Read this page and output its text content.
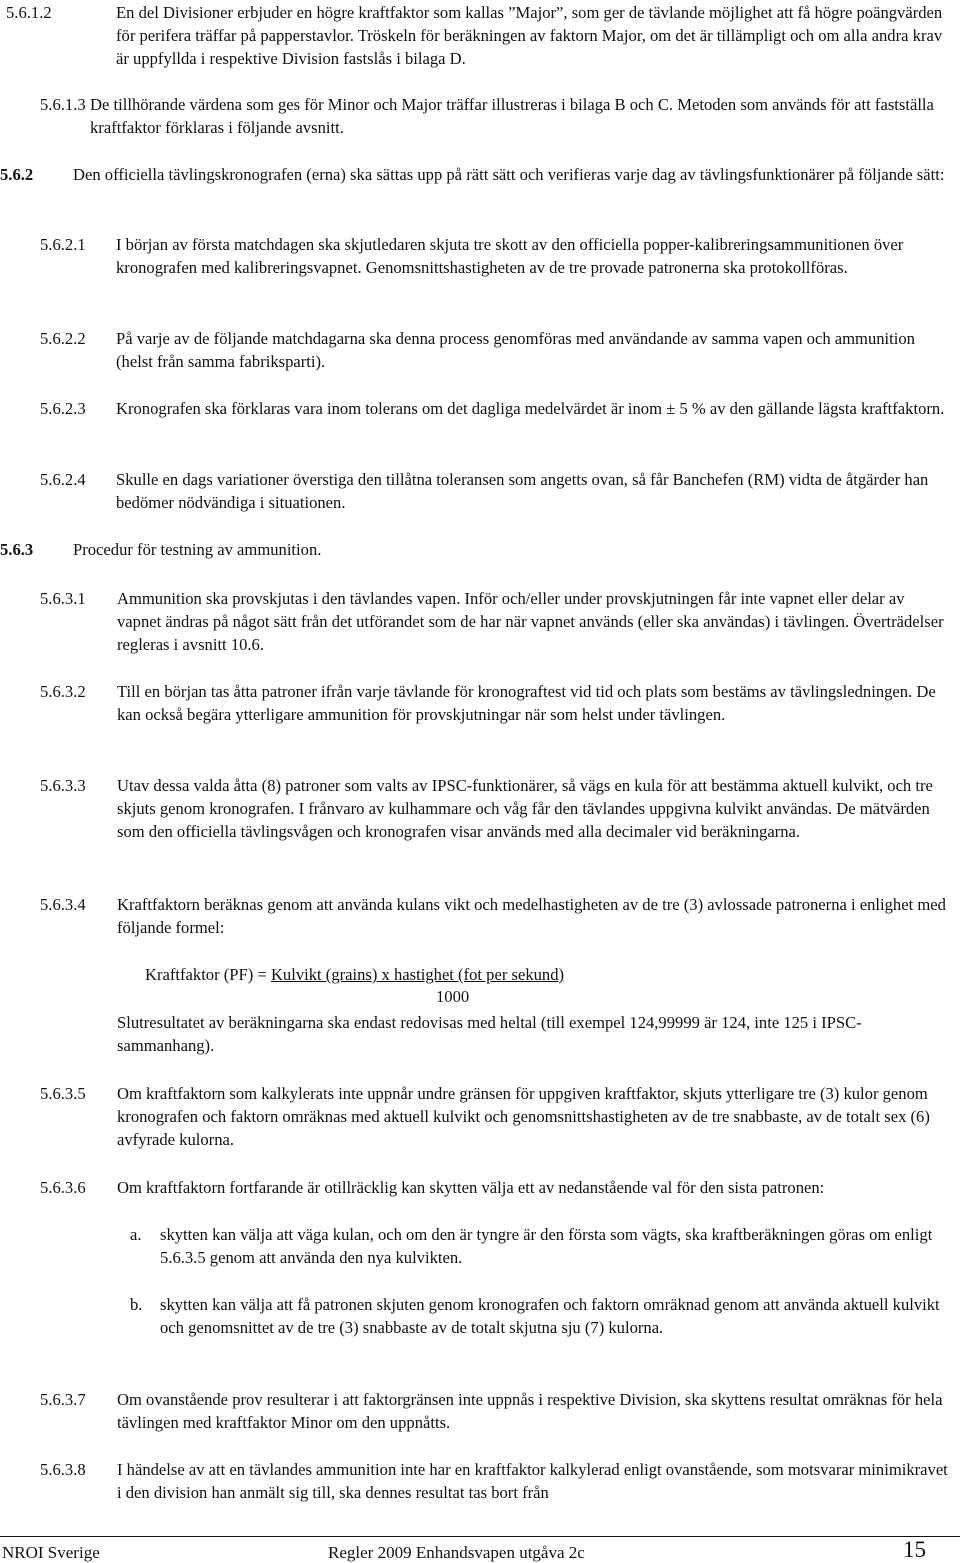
5.6.1.2	En del Divisioner erbjuder en högre kraftfaktor som kallas ”Major”, som ger de tävlande möjlighet att få högre poängvärden för perifera träffar på papperstavlor. Tröskeln för beräkningen av faktorn Major, om det är tillämpligt och om alla andra krav är uppfyllda i respektive Division fastslås i bilaga D.
5.6.1.3 De tillhörande värdena som ges för Minor och Major träffar illustreras i bilaga B och C. Metoden som används för att fastställa kraftfaktor förklaras i följande avsnitt.
5.6.2 Den officiella tävlingskronografen (erna) ska sättas upp på rätt sätt och verifieras varje dag av tävlingsfunktionärer på följande sätt:
5.6.2.1 I början av första matchdagen ska skjutledaren skjuta tre skott av den officiella popper-kalibreringsammunitionen över kronografen med kalibreringsvapnet. Genomsnittshastigheten av de tre provade patronerna ska protokollföras.
5.6.2.2 På varje av de följande matchdagarna ska denna process genomföras med användande av samma vapen och ammunition (helst från samma fabriksparti).
5.6.2.3 Kronografen ska förklaras vara inom tolerans om det dagliga medelvärdet är inom ± 5 % av den gällande lägsta kraftfaktorn.
5.6.2.4 Skulle en dags variationer överstiga den tillåtna toleransen som angetts ovan, så får Banchefen (RM) vidta de åtgärder han bedömer nödvändiga i situationen.
5.6.3 Procedur för testning av ammunition.
5.6.3.1 Ammunition ska provskjutas i den tävlandes vapen. Inför och/eller under provskjutningen får inte vapnet eller delar av vapnet ändras på något sätt från det utförandet som de har när vapnet används (eller ska användas) i tävlingen. Överträdelser regleras i avsnitt 10.6.
5.6.3.2 Till en början tas åtta patroner ifrån varje tävlande för kronograftest vid tid och plats som bestäms av tävlingsledningen. De kan också begära ytterligare ammunition för provskjutningar när som helst under tävlingen.
5.6.3.3 Utav dessa valda åtta (8) patroner som valts av IPSC-funktionärer, så vägs en kula för att bestämma aktuell kulvikt, och tre skjuts genom kronografen. I frånvaro av kulhammare och våg får den tävlandes uppgivna kulvikt användas. De mätvärden som den officiella tävlingsvågen och kronografen visar används med alla decimaler vid beräkningarna.
5.6.3.4 Kraftfaktorn beräknas genom att använda kulans vikt och medelhastigheten av de tre (3) avlossade patronerna i enlighet med följande formel:
Kraftfaktor (PF) = Kulvikt (grains) x hastighet (fot per sekund)
1000
Slutresultatet av beräkningarna ska endast redovisas med heltal (till exempel 124,99999 är 124, inte 125 i IPSC-sammanhang).
5.6.3.5 Om kraftfaktorn som kalkylerats inte uppnår undre gränsen för uppgiven kraftfaktor, skjuts ytterligare tre (3) kulor genom kronografen och faktorn omräknas med aktuell kulvikt och genomsnittshastigheten av de tre snabbaste, av de totalt sex (6) avfyrade kulorna.
5.6.3.6 Om kraftfaktorn fortfarande är otillräcklig kan skytten välja ett av nedanstående val för den sista patronen:
a. skytten kan välja att väga kulan, och om den är tyngre är den första som vägts, ska kraftberäkningen göras om enligt 5.6.3.5 genom att använda den nya kulvikten.
b. skytten kan välja att få patronen skjuten genom kronografen och faktorn omräknad genom att använda aktuell kulvikt och genomsnittet av de tre (3) snabbaste av de totalt skjutna sju (7) kulorna.
5.6.3.7 Om ovanstående prov resulterar i att faktorgränsen inte uppnås i respektive Division, ska skyttens resultat omräknas för hela tävlingen med kraftfaktor Minor om den uppnåtts.
5.6.3.8 I händelse av att en tävlandes ammunition inte har en kraftfaktor kalkylerad enligt ovanstående, som motsvarar minimikravet i den division han anmält sig till, ska dennes resultat tas bort från
NROI Sverige	Regler 2009 Enhandsvapen utgåva 2c	15
